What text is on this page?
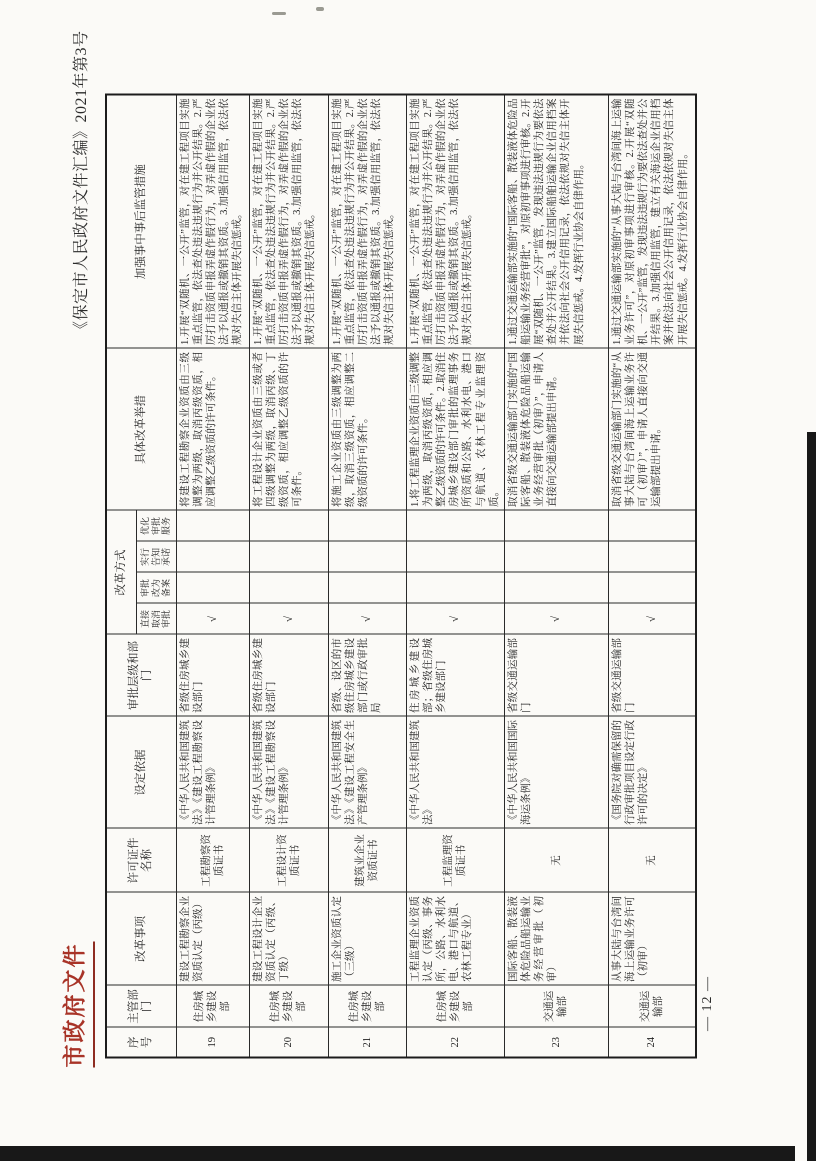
市政府文件
《保定市人民政府文件汇编》2021年第3号
序号	主管部门	改革事项	许可证件名称	设定依据	审批层级和部门	改革方式				具体改革举措	加强事中事后监管措施
						直接取消审批	审批改为备案	实行告知承诺	优化审批服务		
19	住房城乡建设部	建设工程勘察企业资质认定（丙级）	工程勘察资质证书	《中华人民共和国建筑法》《建设工程勘察设计管理条例》	省级住房城乡建设部门	√				将建设工程勘察企业资质由三级调整为两级，取消丙级资质，相应调整乙级资质的许可条件。	1.开展“双随机、一公开”监管，对在建工程项目实施重点监管，依法查处违法违规行为并公开结果。2.严厉打击资质申报弄虚作假行为，对弄虚作假的企业依法予以通报或撤销其资质。3.加强信用监管，依法依规对失信主体开展失信惩戒。
20	住房城乡建设部	建设工程设计企业资质认定（丙级、丁级）	工程设计资质证书	《中华人民共和国建筑法》《建设工程勘察设计管理条例》	省级住房城乡建设部门	√				将工程设计企业资质由三级或者四级调整为两级，取消丙级、丁级资质，相应调整乙级资质的许可条件。	1.开展“双随机、一公开”监管，对在建工程项目实施重点监管，依法查处违法违规行为并公开结果。2.严厉打击资质申报弄虚作假行为，对弄虚作假的企业依法予以通报或撤销其资质。3.加强信用监管，依法依规对失信主体开展失信惩戒。
21	住房城乡建设部	施工企业资质认定（三级）	建筑业企业资质证书	《中华人民共和国建筑法》《建设工程安全生产管理条例》	省级、设区的市级住房城乡建设部门或行政审批局	√				将施工企业资质由三级调整为两级，取消三级资质，相应调整二级资质的许可条件。	1.开展“双随机、一公开”监管，对在建工程项目实施重点监管，依法查处违法违规行为并公开结果。2.严厉打击资质申报弄虚作假行为，对弄虚作假的企业依法予以通报或撤销其资质。3.加强信用监管，依法依规对失信主体开展失信惩戒。
22	住房城乡建设部	工程监理企业资质认定（丙级、事务所，公路、水利水电、港口与航道、农林工程专业）	工程监理资质证书	《中华人民共和国建筑法》	住房城乡建设部；省级住房城乡建设部门	√				1.将工程监理企业资质由三级调整为两级，取消丙级资质，相应调整乙级资质的许可条件。2.取消住房城乡建设部门审批的监理事务所资质和公路、水利水电、港口与航道、农林工程专业监理资质。	1.开展“双随机、一公开”监管，对在建工程项目实施重点监管，依法查处违法违规行为并公开结果。2.严厉打击资质申报弄虚作假行为，对弄虚作假的企业依法予以通报或撤销其资质。3.加强信用监管，依法依规对失信主体开展失信惩戒。
23	交通运输部	国际客船、散装液体危险品船运输业务经营审批（初审）	无	《中华人民共和国国际海运条例》	省级交通运输部门	√				取消省级交通运输部门实施的“国际客船、散装液体危险品船运输业务经营审批（初审）”，申请人直接向交通运输部提出申请。	1.通过交通运输部实施的“国际客船、散装液体危险品船运输业务经营审批”，对原初审事项进行审核。2.开展“双随机、一公开”监管，发现违法违规行为要依法查处并公开结果。3.建立国际船舶运输企业信用档案并依法向社会公开信用记录，依法依规对失信主体开展失信惩戒。4.发挥行业协会自律作用。
24	交通运输部	从事大陆与台湾间海上运输业务许可（初审）	无	《国务院对确需保留的行政审批项目设定行政许可的决定》	省级交通运输部门	√				取消省级交通运输部门实施的“从事大陆与台湾间海上运输业务许可（初审）”，申请人直接向交通运输部提出申请。	1.通过交通运输部实施的“从事大陆与台湾间海上运输业务许可”，对原初审事项进行审核。2.开展“双随机、一公开”监管，发现违法违规行为要依法查处并公开结果。3.加强信用监管，建立有关海运企业信用档案并依法向社会公开信用记录，依法依规对失信主体开展失信惩戒。4.发挥行业协会自律作用。
— 12 —
